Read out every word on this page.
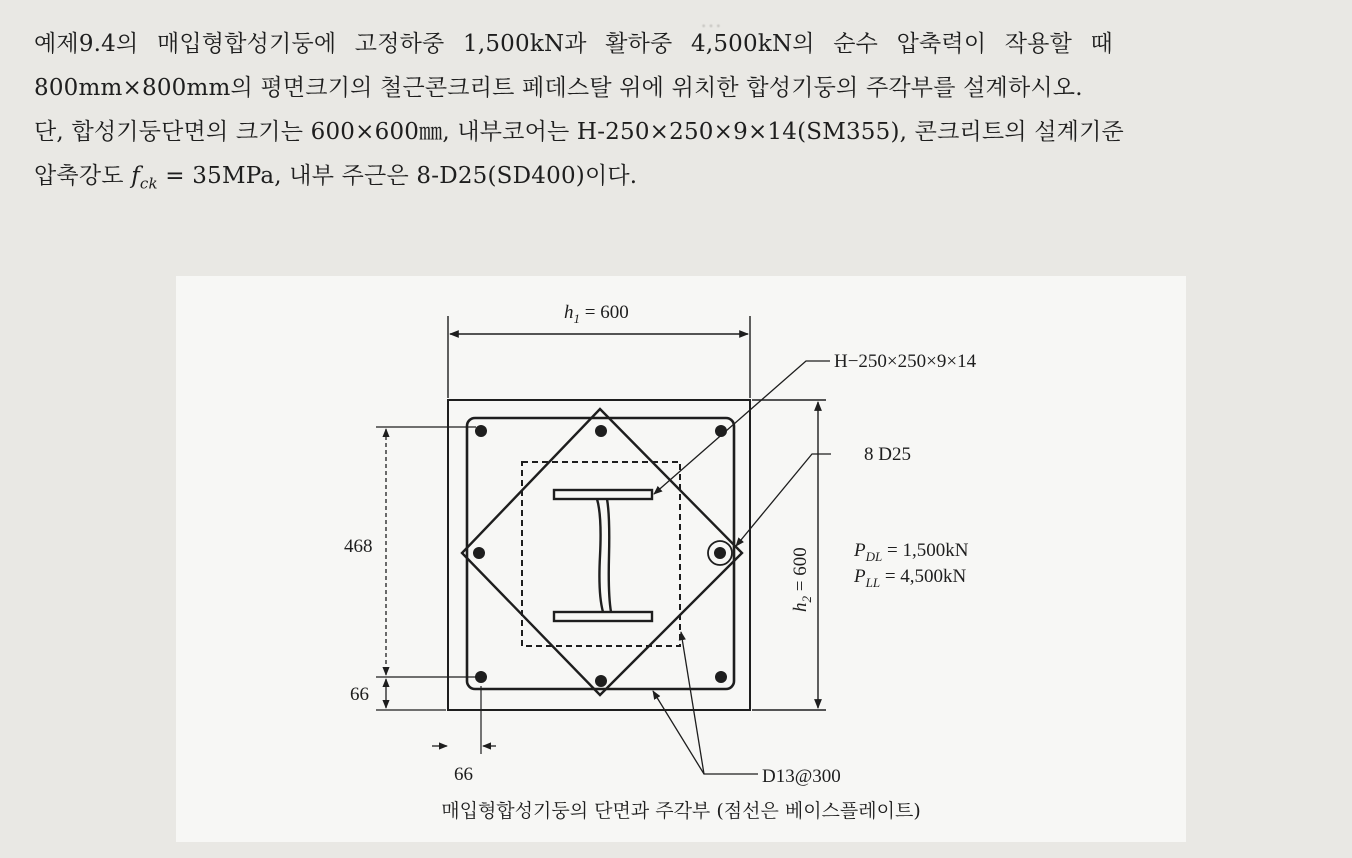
…
예제9.4의 매입형합성기둥에 고정하중 1,500kN과 활하중 4,500kN의 순수 압축력이 작용할 때
800mm×800mm의 평면크기의 철근콘크리트 페데스탈 위에 위치한 합성기둥의 주각부를 설계하시오.
단, 합성기둥단면의 크기는 600×600㎜, 내부코어는 H-250×250×9×14(SM355), 콘크리트의 설계기준
압축강도 $f_{ck} = 35MPa$, 내부 주근은 8-D25(SD400)이다.
$h_1 = 600$
$h_2 = 600$
468
66
66
H−250×250×9×14
8 D25
D13@300
$P_{DL} = 1,500kN$
$P_{LL} = 4,500kN$
매입형합성기둥의 단면과 주각부 (점선은 베이스플레이트)
